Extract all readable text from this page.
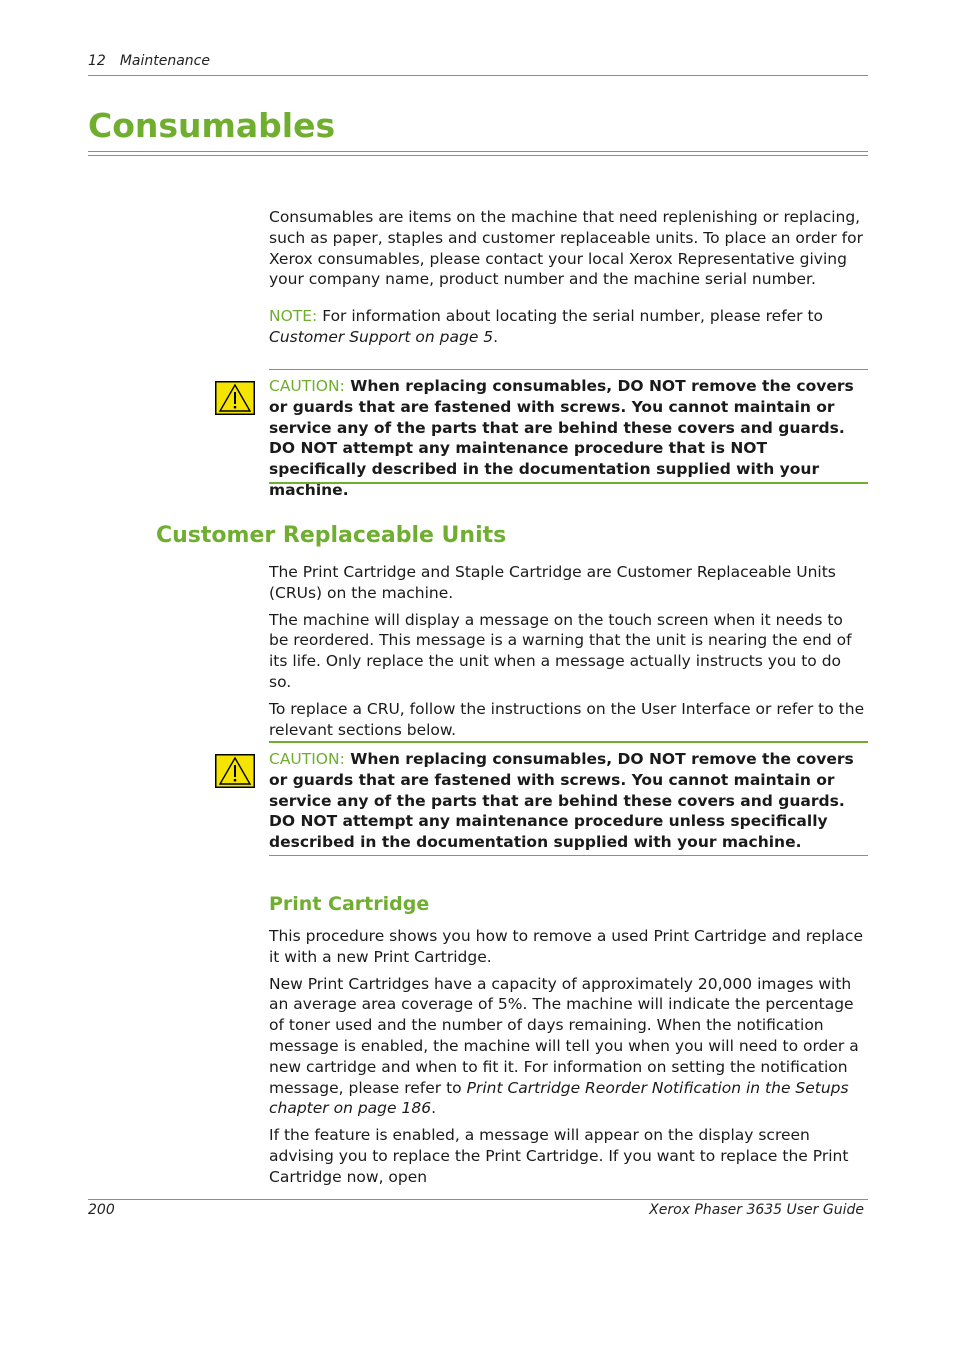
12 Maintenance
Consumables

Consumables are items on the machine that need replenishing or replacing, such as paper, staples and customer replaceable units. To place an order for Xerox consumables, please contact your local Xerox Representative giving your company name, product number and the machine serial number.

NOTE: For information about locating the serial number, please refer to Customer Support on page 5.

CAUTION: When replacing consumables, DO NOT remove the covers or guards that are fastened with screws. You cannot maintain or service any of the parts that are behind these covers and guards. DO NOT attempt any maintenance procedure that is NOT specifically described in the documentation supplied with your machine.

Customer Replaceable Units

The Print Cartridge and Staple Cartridge are Customer Replaceable Units (CRUs) on the machine.

The machine will display a message on the touch screen when it needs to be reordered. This message is a warning that the unit is nearing the end of its life. Only replace the unit when a message actually instructs you to do so.

To replace a CRU, follow the instructions on the User Interface or refer to the relevant sections below.

CAUTION: When replacing consumables, DO NOT remove the covers or guards that are fastened with screws. You cannot maintain or service any of the parts that are behind these covers and guards. DO NOT attempt any maintenance procedure unless specifically described in the documentation supplied with your machine.

Print Cartridge

This procedure shows you how to remove a used Print Cartridge and replace it with a new Print Cartridge.

New Print Cartridges have a capacity of approximately 20,000 images with an average area coverage of 5%. The machine will indicate the percentage of toner used and the number of days remaining. When the notification message is enabled, the machine will tell you when you will need to order a new cartridge and when to fit it. For information on setting the notification message, please refer to Print Cartridge Reorder Notification in the Setups chapter on page 186.

If the feature is enabled, a message will appear on the display screen advising you to replace the Print Cartridge. If you want to replace the Print Cartridge now, open

200	Xerox Phaser 3635 User Guide
